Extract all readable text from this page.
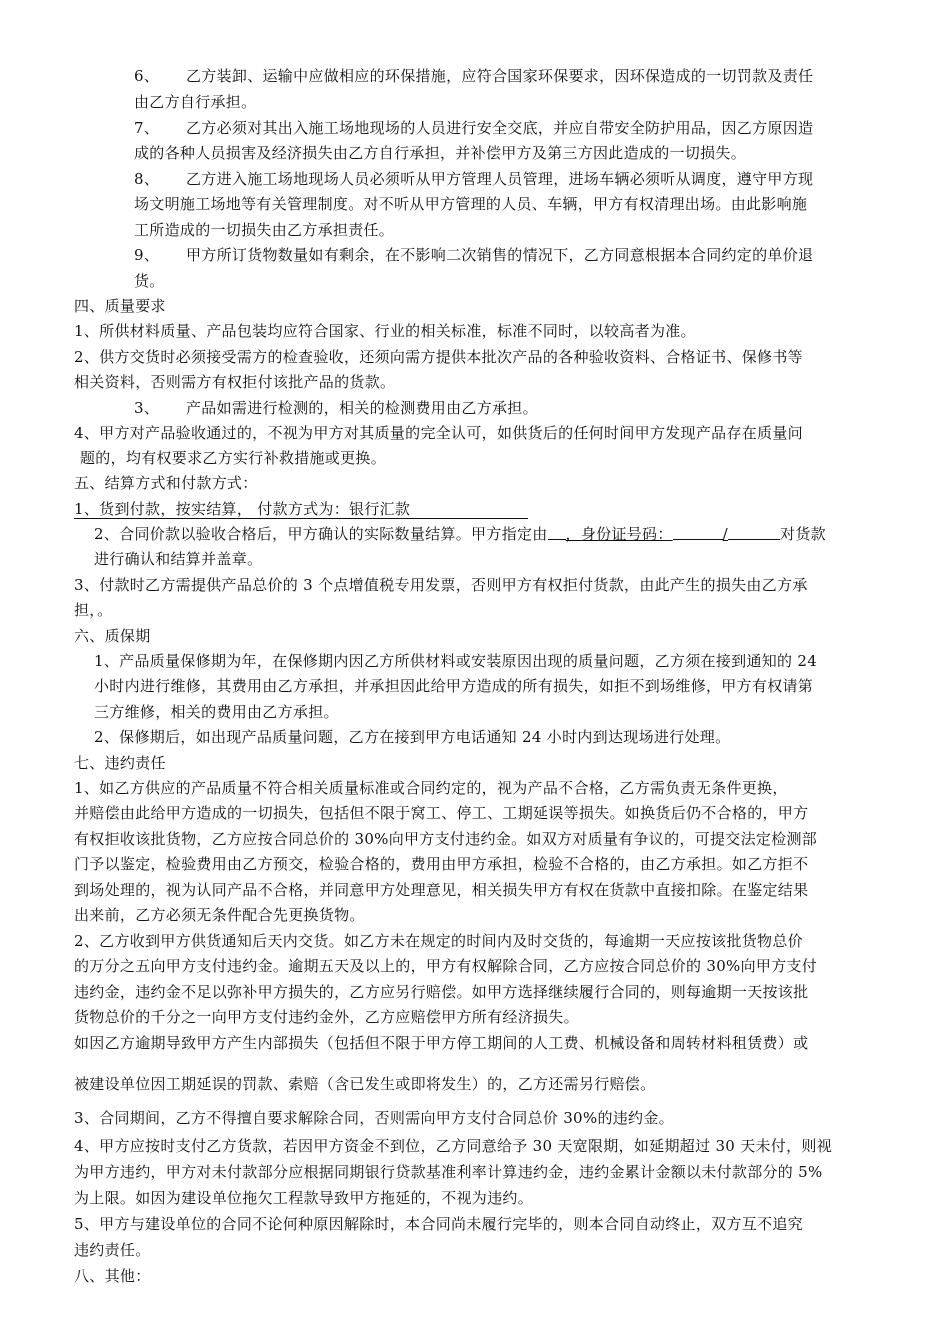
6、 乙方装卸、运输中应做相应的环保措施，应符合国家环保要求，因环保造成的一切罚款及责任
由乙方自行承担。
7、 乙方必须对其出入施工场地现场的人员进行安全交底，并应自带安全防护用品，因乙方原因造
成的各种人员损害及经济损失由乙方自行承担，并补偿甲方及第三方因此造成的一切损失。
8、 乙方进入施工场地现场人员必须听从甲方管理人员管理，进场车辆必须听从调度，遵守甲方现
场文明施工场地等有关管理制度。对不听从甲方管理的人员、车辆，甲方有权清理出场。由此影响施
工所造成的一切损失由乙方承担责任。
9、 甲方所订货物数量如有剩余，在不影响二次销售的情况下，乙方同意根据本合同约定的单价退
货。
四、质量要求
1、所供材料质量、产品包装均应符合国家、行业的相关标准，标准不同时，以较高者为准。
2、供方交货时必须接受需方的检查验收，还须向需方提供本批次产品的各种验收资料、合格证书、保修书等
相关资料，否则需方有权拒付该批产品的货款。
3、 产品如需进行检测的，相关的检测费用由乙方承担。
4、甲方对产品验收通过的，不视为甲方对其质量的完全认可，如供货后的任何时间甲方发现产品存在质量问
题的，均有权要求乙方实行补救措施或更换。
五、结算方式和付款方式：
1、货到付款，按实结算， 付款方式为：银行汇款
2、合同价款以验收合格后，甲方确认的实际数量结算。甲方指定由 ，身份证号码：	/	对货款
进行确认和结算并盖章。
3、付款时乙方需提供产品总价的 3 个点增值税专用发票，否则甲方有权拒付货款，由此产生的损失由乙方承
担，。
六、质保期
1、产品质量保修期为年，在保修期内因乙方所供材料或安装原因出现的质量问题，乙方须在接到通知的 24
小时内进行维修，其费用由乙方承担，并承担因此给甲方造成的所有损失，如拒不到场维修，甲方有权请第
三方维修，相关的费用由乙方承担。
2、保修期后，如出现产品质量问题，乙方在接到甲方电话通知 24 小时内到达现场进行处理。
七、违约责任
1、如乙方供应的产品质量不符合相关质量标准或合同约定的，视为产品不合格，乙方需负责无条件更换，
并赔偿由此给甲方造成的一切损失，包括但不限于窝工、停工、工期延误等损失。如换货后仍不合格的，甲方
有权拒收该批货物，乙方应按合同总价的 30%向甲方支付违约金。如双方对质量有争议的，可提交法定检测部
门予以鉴定，检验费用由乙方预交，检验合格的，费用由甲方承担，检验不合格的，由乙方承担。如乙方拒不
到场处理的，视为认同产品不合格，并同意甲方处理意见，相关损失甲方有权在货款中直接扣除。在鉴定结果
出来前，乙方必须无条件配合先更换货物。
2、乙方收到甲方供货通知后天内交货。如乙方未在规定的时间内及时交货的，每逾期一天应按该批货物总价
的万分之五向甲方支付违约金。逾期五天及以上的，甲方有权解除合同，乙方应按合同总价的 30%向甲方支付
违约金，违约金不足以弥补甲方损失的，乙方应另行赔偿。如甲方选择继续履行合同的，则每逾期一天按该批
货物总价的千分之一向甲方支付违约金外，乙方应赔偿甲方所有经济损失。
如因乙方逾期导致甲方产生内部损失（包括但不限于甲方停工期间的人工费、机械设备和周转材料租赁费）或
被建设单位因工期延误的罚款、索赔（含已发生或即将发生）的，乙方还需另行赔偿。
3、合同期间，乙方不得擅自要求解除合同，否则需向甲方支付合同总价 30%的违约金。
4、甲方应按时支付乙方货款，若因甲方资金不到位，乙方同意给予 30 天宽限期，如延期超过 30 天未付，则视
为甲方违约，甲方对未付款部分应根据同期银行贷款基准利率计算违约金，违约金累计金额以未付款部分的 5%
为上限。如因为建设单位拖欠工程款导致甲方拖延的，不视为违约。
5、甲方与建设单位的合同不论何种原因解除时，本合同尚未履行完毕的，则本合同自动终止，双方互不追究
违约责任。
八、其他：
